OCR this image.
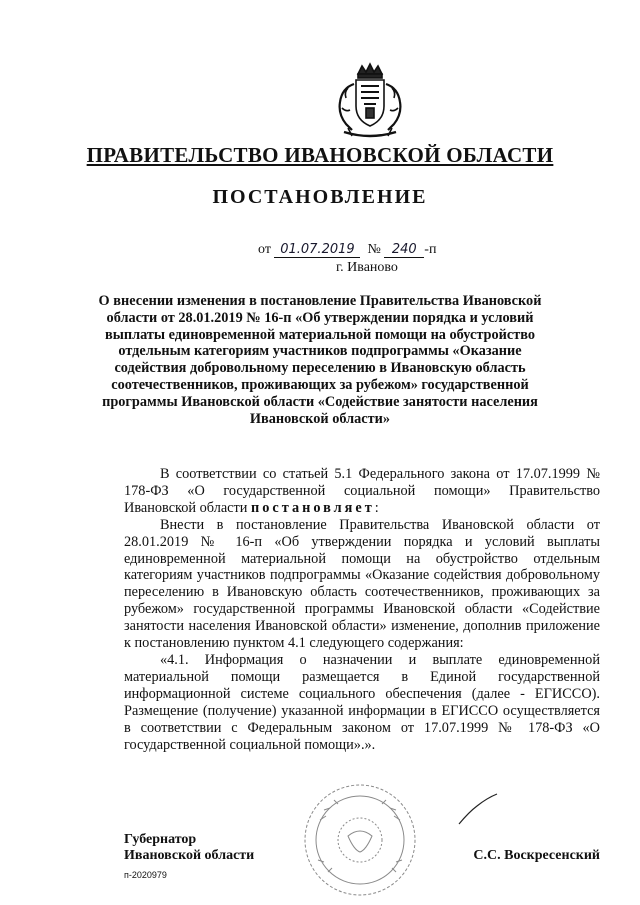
ПРАВИТЕЛЬСТВО ИВАНОВСКОЙ ОБЛАСТИ
ПОСТАНОВЛЕНИЕ
от 01.07.2019 № 240 -п
г. Иваново
О внесении изменения в постановление Правительства Ивановской области от 28.01.2019 № 16-п «Об утверждении порядка и условий выплаты единовременной материальной помощи на обустройство отдельным категориям участников подпрограммы «Оказание содействия добровольному переселению в Ивановскую область соотечественников, проживающих за рубежом» государственной программы Ивановской области «Содействие занятости населения Ивановской области»

В соответствии со статьей 5.1 Федерального закона от 17.07.1999 № 178-ФЗ «О государственной социальной помощи» Правительство Ивановской области постановляет:

Внести в постановление Правительства Ивановской области от 28.01.2019 № 16-п «Об утверждении порядка и условий выплаты единовременной материальной помощи на обустройство отдельным категориям участников подпрограммы «Оказание содействия добровольному переселению в Ивановскую область соотечественников, проживающих за рубежом» государственной программы Ивановской области «Содействие занятости населения Ивановской области» изменение, дополнив приложение к постановлению пунктом 4.1 следующего содержания:

«4.1. Информация о назначении и выплате единовременной материальной помощи размещается в Единой государственной информационной системе социального обеспечения (далее - ЕГИССО). Размещение (получение) указанной информации в ЕГИССО осуществляется в соответствии с Федеральным законом от 17.07.1999 № 178-ФЗ «О государственной социальной помощи».».

Губернатор
Ивановской области	С.С. Воскресенский
п-2020979
